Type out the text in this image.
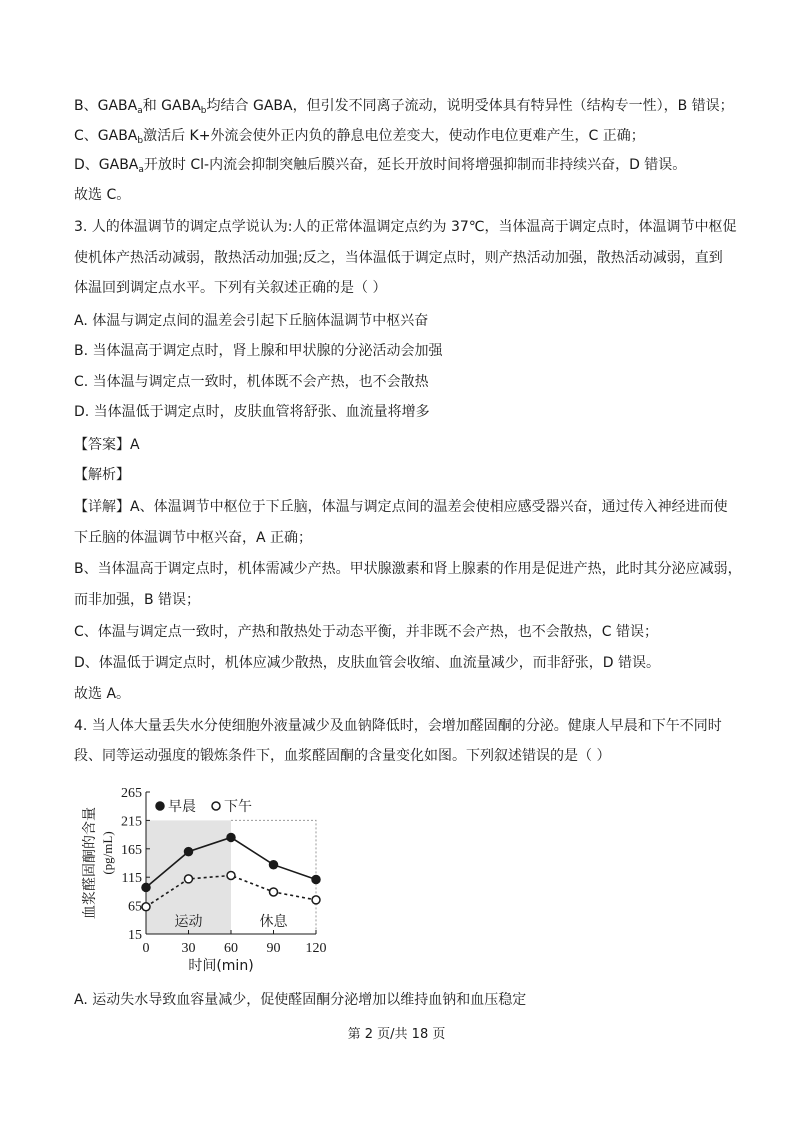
B、$GABA_a$和 $GABA_b$均结合 GABA，但引发不同离子流动，说明受体具有特异性（结构专一性），B 错误；
C、$GABA_b$激活后 K+外流会使外正内负的静息电位差变大，使动作电位更难产生，C 正确；
D、$GABA_a$开放时 Cl-内流会抑制突触后膜兴奋，延长开放时间将增强抑制而非持续兴奋，D 错误。
故选 C。
3. 人的体温调节的调定点学说认为:人的正常体温调定点约为 37℃，当体温高于调定点时，体温调节中枢促
使机体产热活动减弱，散热活动加强;反之，当体温低于调定点时，则产热活动加强，散热活动减弱，直到
体温回到调定点水平。下列有关叙述正确的是（ ）
A. 体温与调定点间的温差会引起下丘脑体温调节中枢兴奋
B. 当体温高于调定点时，肾上腺和甲状腺的分泌活动会加强
C. 当体温与调定点一致时，机体既不会产热，也不会散热
D. 当体温低于调定点时，皮肤血管将舒张、血流量将增多
【答案】A
【解析】
【详解】A、体温调节中枢位于下丘脑，体温与调定点间的温差会使相应感受器兴奋，通过传入神经进而使
下丘脑的体温调节中枢兴奋，A 正确；
B、当体温高于调定点时，机体需减少产热。甲状腺激素和肾上腺素的作用是促进产热，此时其分泌应减弱，
而非加强，B 错误；
C、体温与调定点一致时，产热和散热处于动态平衡，并非既不会产热，也不会散热，C 错误；
D、体温低于调定点时，机体应减少散热，皮肤血管会收缩、血流量减少，而非舒张，D 错误。
故选 A。
4. 当人体大量丢失水分使细胞外液量减少及血钠降低时，会增加醛固酮的分泌。健康人早晨和下午不同时
段、同等运动强度的锻炼条件下，血浆醛固酮的含量变化如图。下列叙述错误的是（ ）
运动	休息
15
65
115
165
215
265
0 30 60 90 120
时间(min)
血浆醛固酮的含量 (pg/mL)
早晨 下午
A. 运动失水导致血容量减少，促使醛固酮分泌增加以维持血钠和血压稳定
第 2 页/共 18 页
